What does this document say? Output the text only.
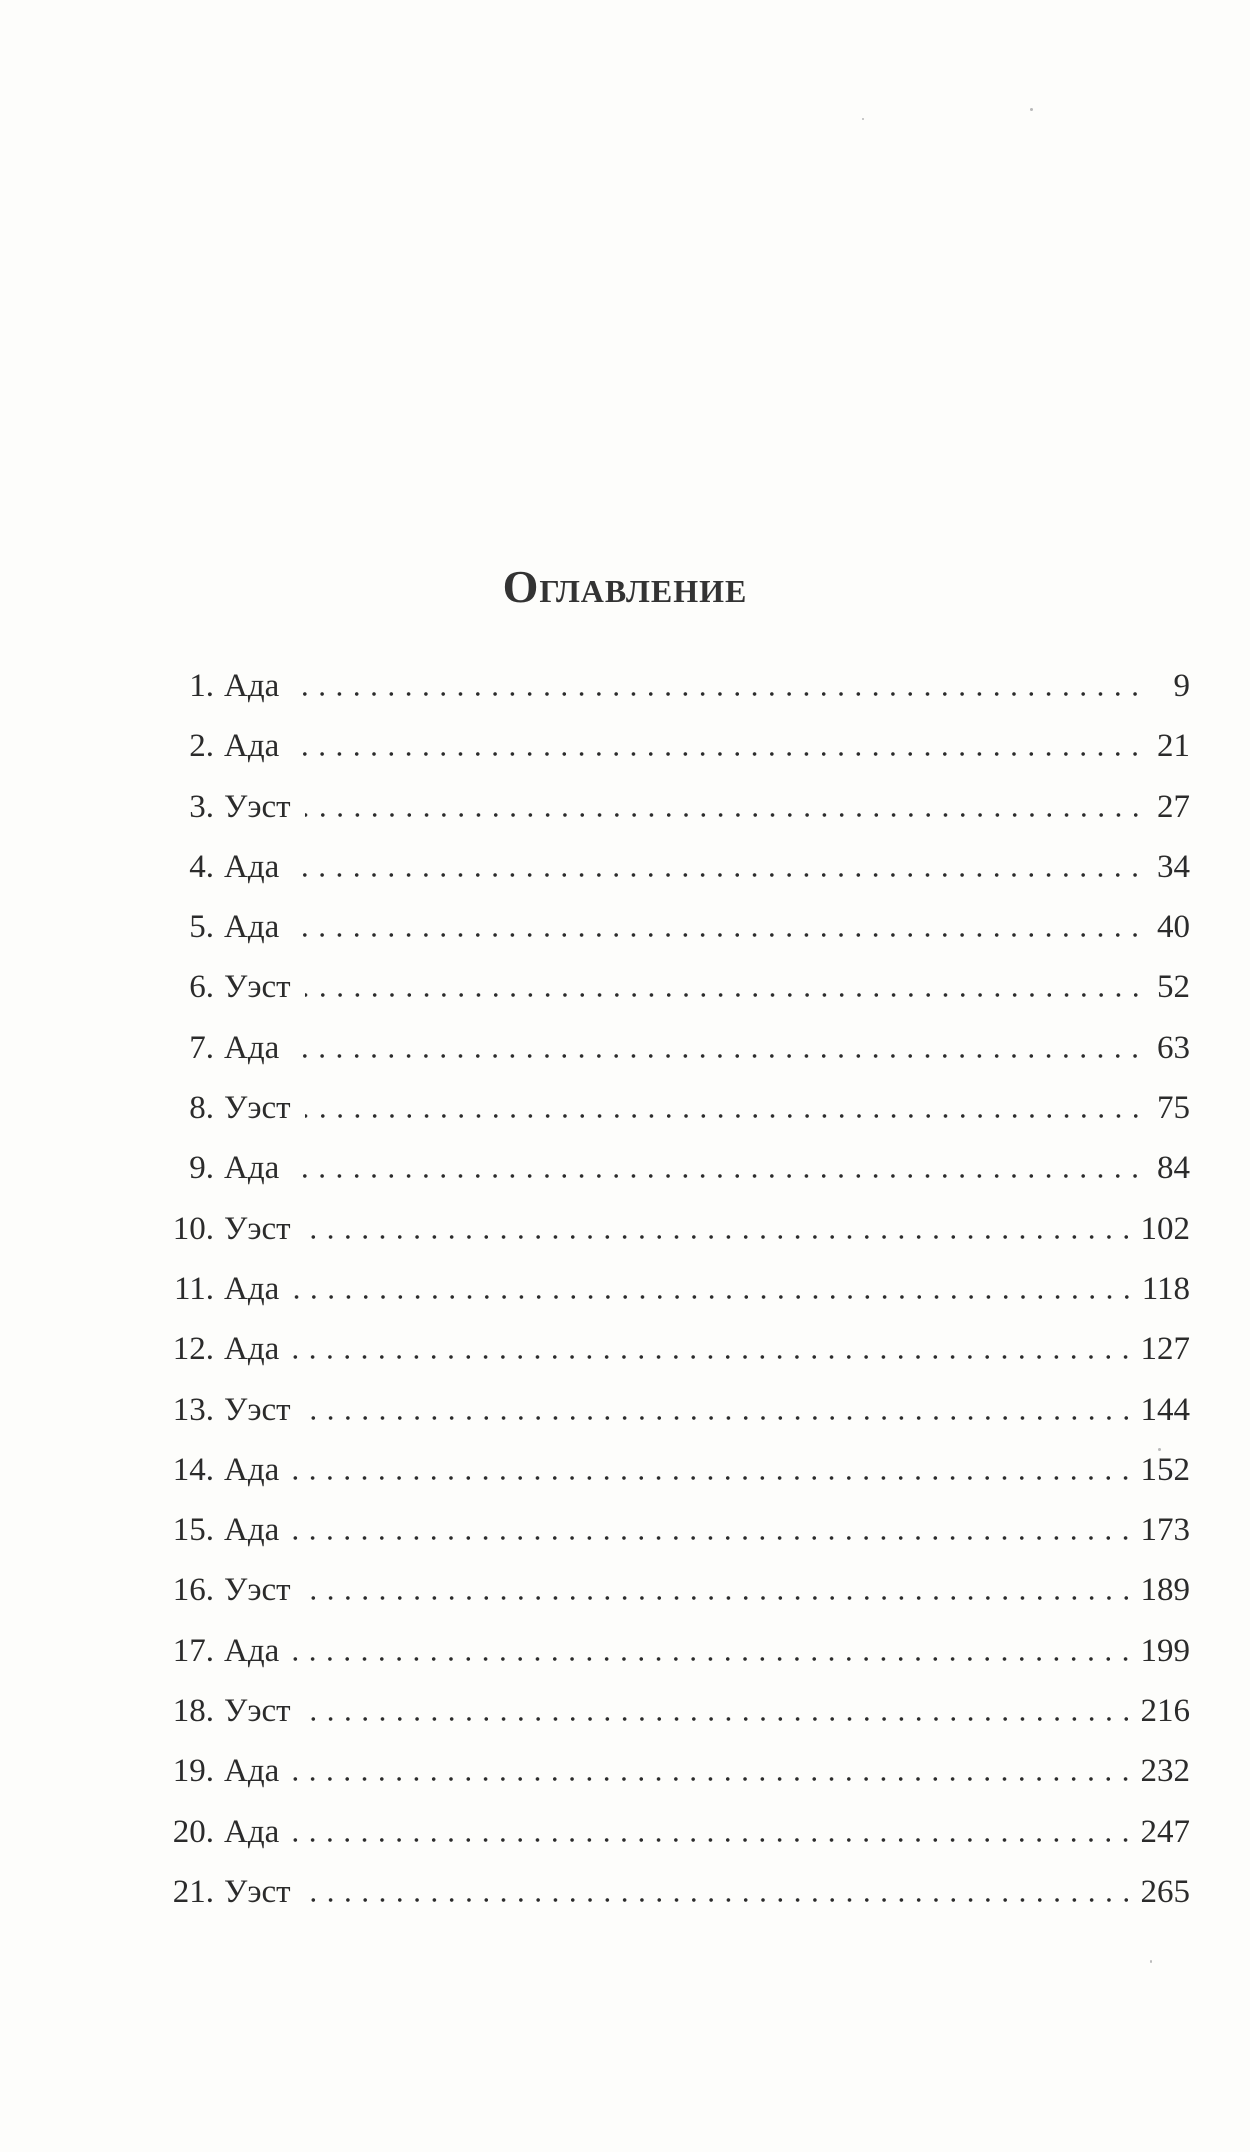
Оглавление
1. Ада	9
2. Ада	21
3. Уэст	27
4. Ада	34
5. Ада	40
6. Уэст	52
7. Ада	63
8. Уэст	75
9. Ада	84
10. Уэст	102
11. Ада	118
12. Ада	127
13. Уэст	144
14. Ада	152
15. Ада	173
16. Уэст	189
17. Ада	199
18. Уэст	216
19. Ада	232
20. Ада	247
21. Уэст	265
